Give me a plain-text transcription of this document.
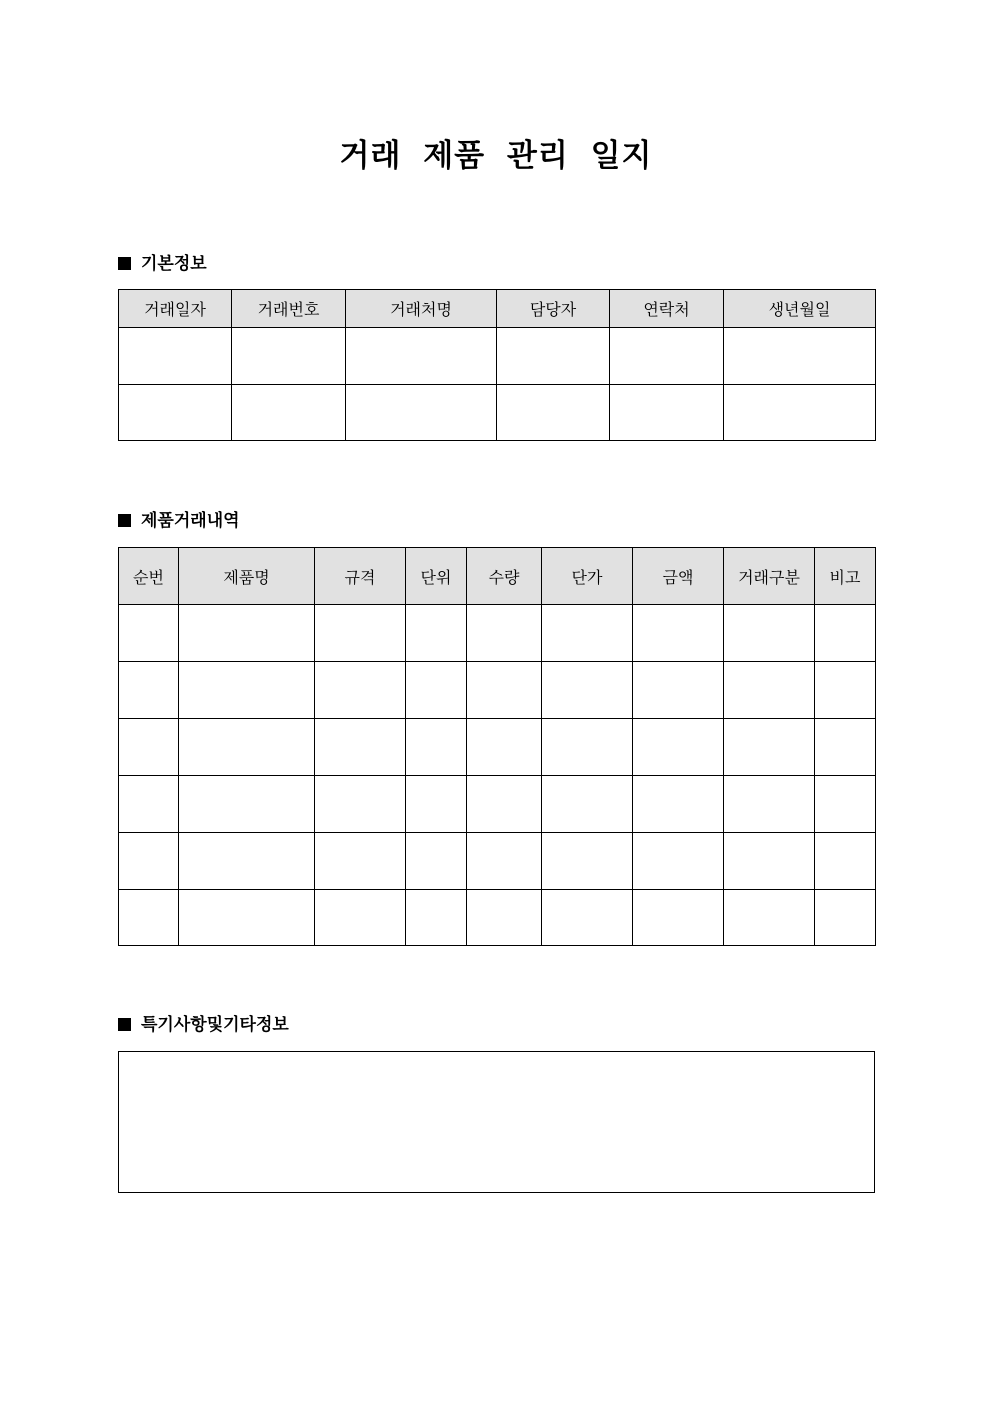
거래 제품 관리 일지
기본정보
거래일자	거래번호	거래처명	담당자	연락처	생년월일

제품거래내역
순번	제품명	규격	단위	수량	단가	금액	거래구분	비고

특기사항및기타정보
